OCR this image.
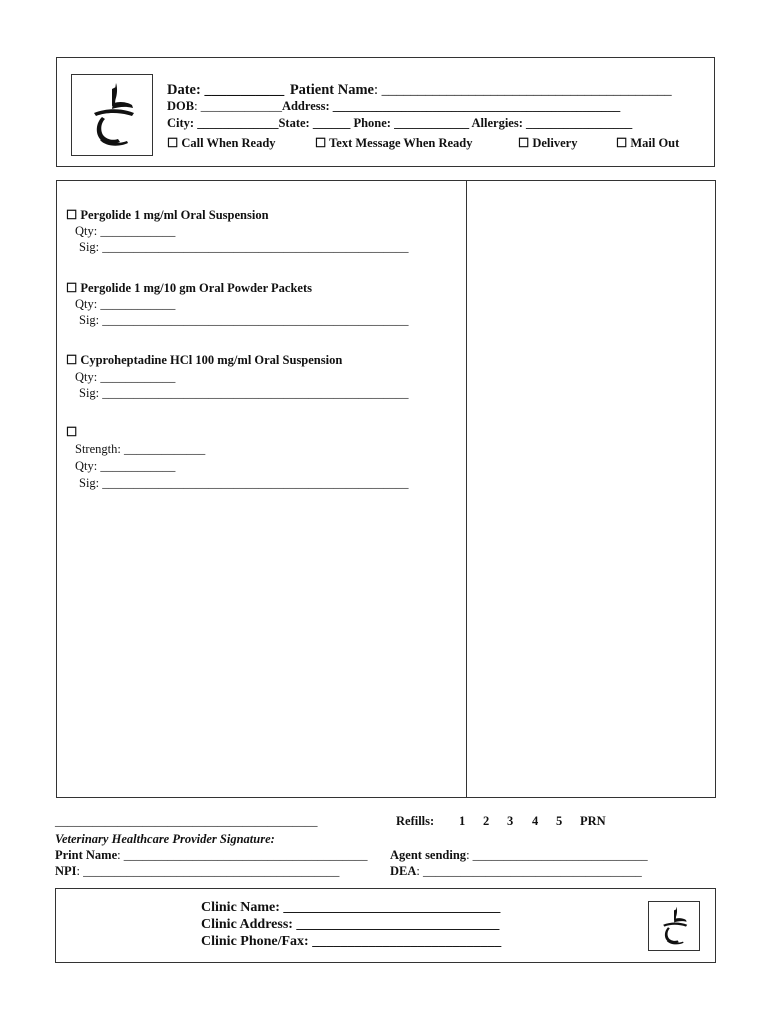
Date: ___________ Patient Name: ________________________________________
DOB: _____________Address: ______________________________________________
City: _____________State: ______ Phone: ____________ Allergies: _________________
☐ Call When Ready	☐ Text Message When Ready	☐ Delivery	☐ Mail Out
☐ Pergolide 1 mg/ml Oral Suspension
Qty: ____________
Sig: _________________________________________________
☐ Pergolide 1 mg/10 gm Oral Powder Packets
Qty: ____________
Sig: _________________________________________________
☐ Cyproheptadine HCl 100 mg/ml Oral Suspension
Qty: ____________
Sig: _________________________________________________
☐
Strength: _____________
Qty: ____________
Sig: _________________________________________________
__________________________________________	Refills: 1 2 3 4 5 PRN
Veterinary Healthcare Provider Signature:
Print Name: _______________________________________
NPI: _________________________________________
Agent sending: ____________________________
DEA: ___________________________________
Clinic Name: _______________________________
Clinic Address: _____________________________
Clinic Phone/Fax: ___________________________
